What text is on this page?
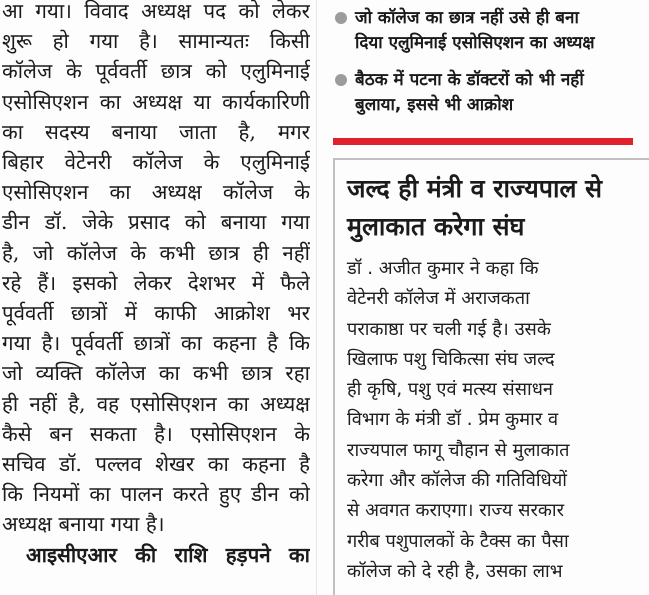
आ गया। विवाद अध्यक्ष पद को लेकर
शुरू हो गया है। सामान्यतः किसी
कॉलेज के पूर्ववर्ती छात्र को एलुमिनाई
एसोसिएशन का अध्यक्ष या कार्यकारिणी
का सदस्य बनाया जाता है, मगर
बिहार वेटेनरी कॉलेज के एलुमिनाई
एसोसिएशन का अध्यक्ष कॉलेज के
डीन डॉ. जेके प्रसाद को बनाया गया
है, जो कॉलेज के कभी छात्र ही नहीं
रहे हैं। इसको लेकर देशभर में फैले
पूर्ववर्ती छात्रों में काफी आक्रोश भर
गया है। पूर्ववर्ती छात्रों का कहना है कि
जो व्यक्ति कॉलेज का कभी छात्र रहा
ही नहीं है, वह एसोसिएशन का अध्यक्ष
कैसे बन सकता है। एसोसिएशन के
सचिव डॉ. पल्लव शेखर का कहना है
कि नियमों का पालन करते हुए डीन को
अध्यक्ष बनाया गया है।
आइसीएआर की राशि हड़पने का
जो कॉलेज का छात्र नहीं उसे ही बना
दिया एलुमिनाई एसोसिएशन का अध्यक्ष
बैठक में पटना के डॉक्टरों को भी नहीं
बुलाया, इससे भी आक्रोश
जल्द ही मंत्री व राज्यपाल से
मुलाकात करेगा संघ
डॉ . अजीत कुमार ने कहा कि
वेटेनरी कॉलेज में अराजकता
पराकाष्ठा पर चली गई है। उसके
खिलाफ पशु चिकित्सा संघ जल्द
ही कृषि, पशु एवं मत्स्य संसाधन
विभाग के मंत्री डॉ . प्रेम कुमार व
राज्यपाल फागू चौहान से मुलाकात
करेगा और कॉलेज की गतिविधियों
से अवगत कराएगा। राज्य सरकार
गरीब पशुपालकों के टैक्स का पैसा
कॉलेज को दे रही है, उसका लाभ
